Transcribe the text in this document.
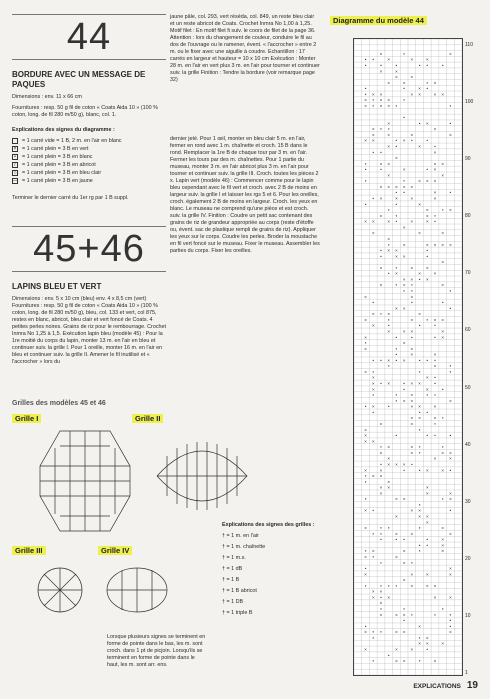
44
BORDURE AVEC UN MESSAGE DE PAQUES
Dimensions : env. 11 x 66 cm
Fournitures : resp. 50 g fil de coton « Coats Aida 10 » (100 % coton, long. de fil 280 m/50 g), blanc, col. 1.
Explications des signes du diagramme :
= 1 carré vide = 1 B, 2 m. en l'air en blanc
× = 1 carré plein = 3 B en vert
•	= 1 carré plein = 3 B en blanc
/	= 1 carré plein = 3 B en abricot
○ = 1 carré plein = 3 B en bleu clair
— = 1 carré plein = 3 B en jaune
Terminer le dernier carré du 1er rg par 1 B suppl.
45+46
LAPINS BLEU ET VERT
Dimensions : env. 5 x 10 cm (bleu) env. 4 x 8,5 cm (vert) Fournitures : resp. 50 g fil de coton « Coats Aida 10 » (100 % coton, long. de fil 280 m/50 g), bleu, col. 133 et vert, col 875, restes en blanc, abricot, bleu clair et vert foncé de Coats. 4 petites perles noires. Grains de riz pour le rembourrage. Crochet Inmra No 1,25 à 1,5. Exécution lapin bleu (modèle 45) : Pour la 1re moitié du corps du lapin, monter 13 m. en l'air en bleu et continuer suiv. la grille I. Pour 1 oreille, monter 16 m. en l'air en bleu et continuer suiv. la grille II. Amener le fil inutilisé et « l'accrocher » lors du
jaune pâle, col. 293, vert réséda, col. 849, un reste bleu clair et un reste abricot de Coats. Crochet Inmra No 1,00 à 1,25. Motif filet : En motif filet fi suiv. le coors de filet de la page 36. Attention : lors du changement de couleur, conduire le fil au dos de l'ouvrage ou le ramener, évent. « l'accrocher » entre 2 m. ou le fixer avec une aiguille à coudre. Echantillon : 17 carrés en largeur et hauteur = 10 x 10 cm Exécution : Monter 28 m. en l'air en vert plus 3 m. en l'air pour tourner et continuer suiv. la grille Finition : Tendre la bordure (voir remarque page 32)
dernier jeté. Pour 1 œil, monter en bleu clair 5 m. en l'air, fermer en rond avec 1 m. chaînette et croch. 15 B dans le rond. Remplacer la 1re B de chaque tour par 3 m. en l'air. Fermer les tours par des m. chaînettes. Pour 1 partie du museau, monter 3 m. en l'air abricot plus 3 m. en l'air pour tourner et continuer suiv. la grille III. Croch. toutes les pièces 2 x. Lapin vert (modèle 46) : Commencer comme pour le lapin bleu cependant avec le fil vert et croch. avec 2 B de moins en largeur suiv. la grille I et laisser les rgs 5 et 6. Pour les oreilles, croch. également 2 B de moins en largeur. Croch. les yeux en blanc. Le museau ne comprend qu'une pièce et est croch. suiv. la grille IV. Finition : Coudre un petit sac contenant des grains de riz de grandeur appropriée au corps (reste d'étoffe ou, évent. sac de plastique rempli de grains de riz). Appliquer les yeux sur le corps. Coudre les perles. Broder la moustache en fil vert foncé sur le museau. Fixer le museau. Assembler les parties du corps. Fixer les oreilles.
Diagramme du modèle 44
×	•	×
• •	×	×	×
•	•	•	• •	•
×	×
×	×
×	×	• ×
•	•	× •
• × ×	× ×	× ×
× • × ×	•
× • × × •	•
•
×	• ×	•
× • •	×
×	×	×	×
× ×	• × •	•
× •	×	•
• •	×
×
•	× ×	× ×
•	•	×	• ×
×	×
•	•	× × ×
× × × × ×
• •	×	•
• ×	×	×	×
•	•	×
•	×	• ×
×	•	× •
× ×	× •	×	× •
×
×	×	×
×
•	×	× × × ×
• × ×	•
•	× ×	•
×
×	•	×	×
• ×	×	×
× × • ×
×	• × •	×
• •	•
×	×
•	•	•
× ×	•
× • ×	×
×	•	×	• × ×
×	•	•	•
×	× ×	×
×	•	•	• ×
•	×
×	•	×
•	×	×
• • × • ×	• • •
•	×	•
× •	•	•
×	× •
× • ×	• × ×	•
×	•	×	•
•	•	×	• •
• × ×	×
• ×	•	× ×	×
•	• •
× ×	× •
×	×	•
×	•
×	•	• •	•
× ×
• ×	× •	•
×	× •	× ×
×	×	×
• × × × •
×	×	•	• ×	× •
• × ×
•	×
× ×	×
×	×	×
•	× ×	• ×
•
× •	× ×	•
×	× ×
×
×	• •	•	×
• •	×	×	×
•	• •	•	×
• •	×
• ×	×	•	×
× •	×
•	× •
•	×
×	×	×	×
×
•	• • •	×	× ×
× ×
× • ×	×	×
×
•	•	•
×	× × •	•	•
•	•
•	×	•
× • •	× ×	×
•	• ×
× ×	×
×	×	×	•
•
•	× ×	•	×
110
100
90
80
70
60
50
40
30
20
10
1
Grilles des modèles 45 et 46
Grille I	Grille II
Grille III	Grille IV
Lorsque plusieurs signes se terminent en forme de pointe dans le bas, les m. sont croch. dans 1 pt de picjoin. Lorsqu'ils se terminent en forme de pointe dans le haut, les m. sont arr. ens.
Explications des signes des grilles :
† = 1 m. en l'air
† = 1 m. chaînette
† = 1 m.s.
† = 1 dB
† = 1 B
† = 1 B abricot
† = 1 DB
† = 1 triple B
EXPLICATIONS 19
